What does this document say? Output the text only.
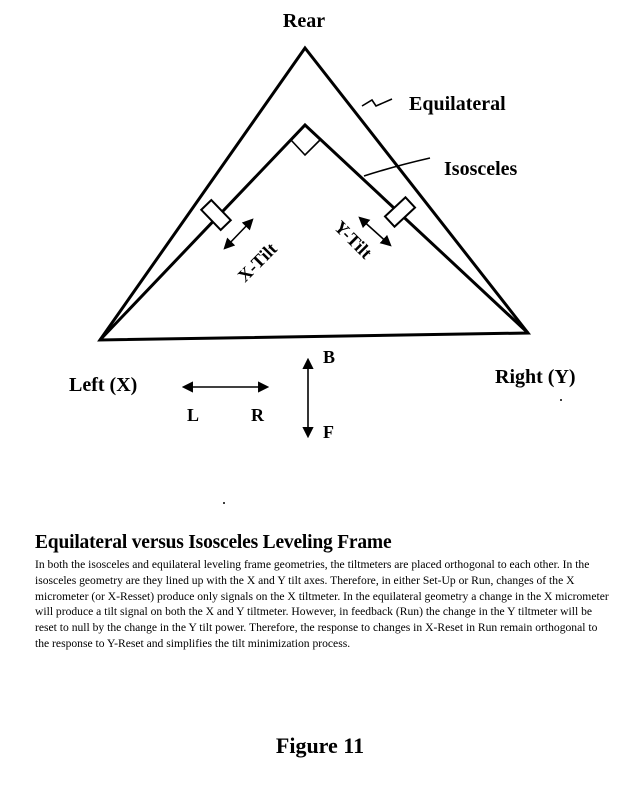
Rear
Equilateral
Isosceles
X-Tilt	Y-Tilt
Left (X)	Right (Y)
L	R
B
F
Equilateral versus Isosceles Leveling Frame

In both the isosceles and equilateral leveling frame geometries, the tiltmeters are placed orthogonal to each other. In the isosceles geometry are they lined up with the X and Y tilt axes. Therefore, in either Set-Up or Run, changes of the X micrometer (or X-Resset) produce only signals on the X tiltmeter. In the equilateral geometry a change in the X micrometer will produce a tilt signal on both the X and Y tiltmeter. However, in feedback (Run) the change in the Y tiltmeter will be reset to null by the change in the Y tilt power. Therefore, the response to changes in X-Reset in Run remain orthogonal to the response to Y-Reset and simplifies the tilt minimization process.

Figure 11
